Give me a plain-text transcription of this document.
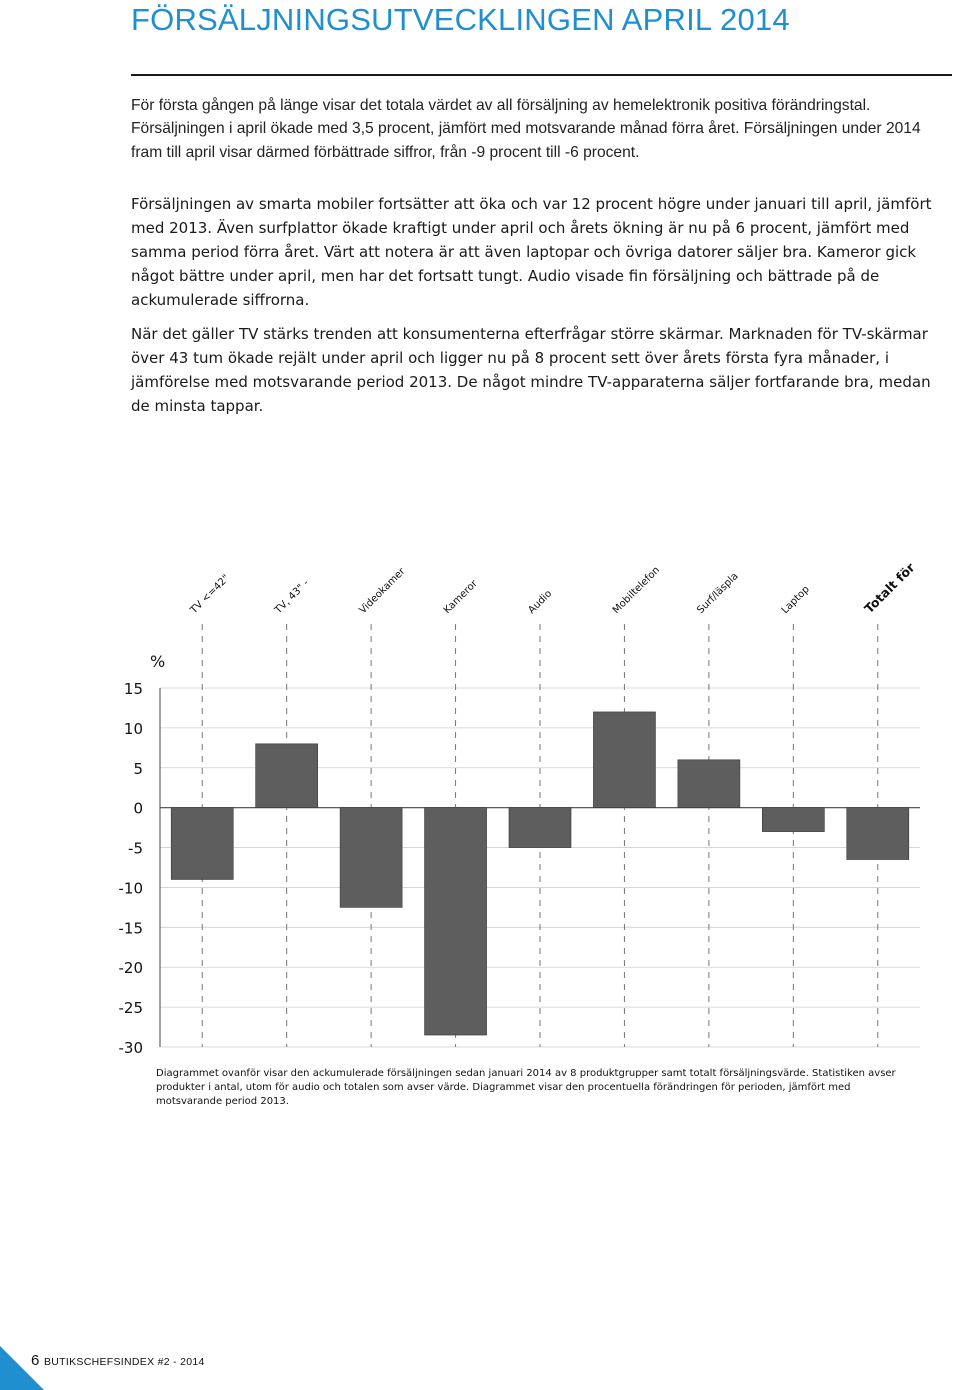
FÖRSÄLJNINGSUTVECKLINGEN APRIL 2014

För första gången på länge visar det totala värdet av all försäljning av hemelektronik positiva förändringstal. Försäljningen i april ökade med 3,5 procent, jämfört med motsvarande månad förra året. Försäljningen under 2014 fram till april visar därmed förbättrade siffror, från -9 procent till -6 procent.

Försäljningen av smarta mobiler fortsätter att öka och var 12 procent högre under januari till april, jämfört med 2013. Även surfplattor ökade kraftigt under april och årets ökning är nu på 6 procent, jämfört med samma period förra året. Värt att notera är att även laptopar och övriga datorer säljer bra. Kameror gick något bättre under april, men har det fortsatt tungt. Audio visade fin försäljning och bättrade på de ackumulerade siffrorna.

När det gäller TV stärks trenden att konsumenterna efterfrågar större skärmar. Marknaden för TV-skärmar över 43 tum ökade rejält under april och ligger nu på 8 procent sett över årets första fyra månader, i jämförelse med motsvarande period 2013. De något mindre TV-apparaterna säljer fortfarande bra, medan de minsta tappar.

15
10
5
0
-5
-10
-15
-20
-25
-30
TV <=42"	TV, 43" -	Videokamer	Kameror	Audio	Mobiltelefon	Surf/läspla	Laptop	Totalt för
%

Diagrammet ovanför visar den ackumulerade försäljningen sedan januari 2014 av 8 produktgrupper samt totalt försäljningsvärde. Statistiken avser produkter i antal, utom för audio och totalen som avser värde. Diagrammet visar den procentuella förändringen för perioden, jämfört med motsvarande period 2013.

6 BUTIKSCHEFSINDEX #2 - 2014
